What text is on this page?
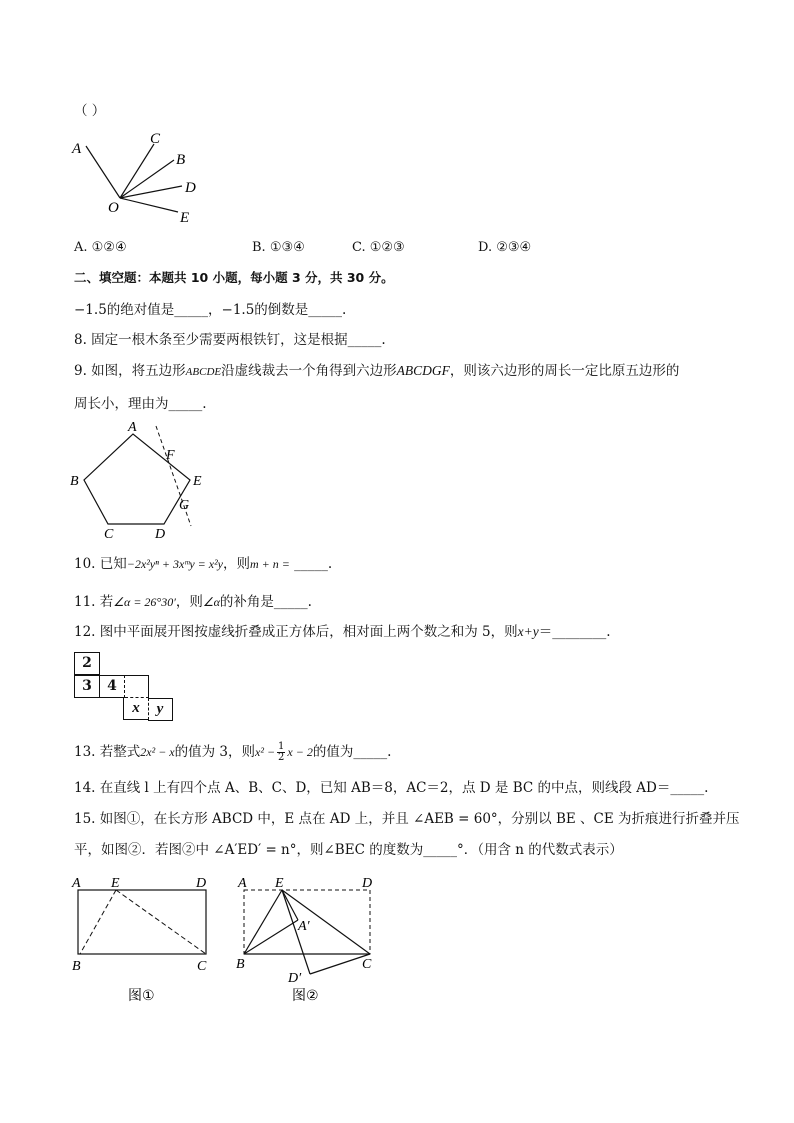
（ ）
A
C
B
D
E
O
A. ①②④	B. ①③④	C. ①②③	D. ②③④
二、填空题：本题共 10 小题，每小题 3 分，共 30 分。
−1.5的绝对值是_____，−1.5的倒数是_____.
8. 固定一根木条至少需要两根铁钉，这是根据_____.
9. 如图，将五边形ABCDE沿虚线裁去一个角得到六边形ABCDGF，则该六边形的周长一定比原五边形的
周长小，理由为_____.
A
F
B	E
G
C	D
10. 已知−2x²yⁿ + 3xᵐy = x²y，则m + n = _____.
11. 若∠α = 26°30′，则∠α的补角是_____.
12. 图中平面展开图按虚线折叠成正方体后，相对面上两个数之和为 5，则x+y＝________.
2
3	4
x	y
13. 若整式2x² − x的值为 3，则$x^2 - \frac{1}{2}$ x − 2的值为_____.
14. 在直线 l 上有四个点 A、B、C、D，已知 AB＝8，AC＝2，点 D 是 BC 的中点，则线段 AD＝_____.
15. 如图①，在长方形 ABCD 中，E 点在 AD 上，并且 ∠AEB = 60°，分别以 BE 、CE 为折痕进行折叠并压
平，如图②．若图②中 ∠A′ED′ = n°，则∠BEC 的度数为_____°．（用含 n 的代数式表示）
A E	D
B	C
图①
A E	D
A′
B	C
D′
图②
